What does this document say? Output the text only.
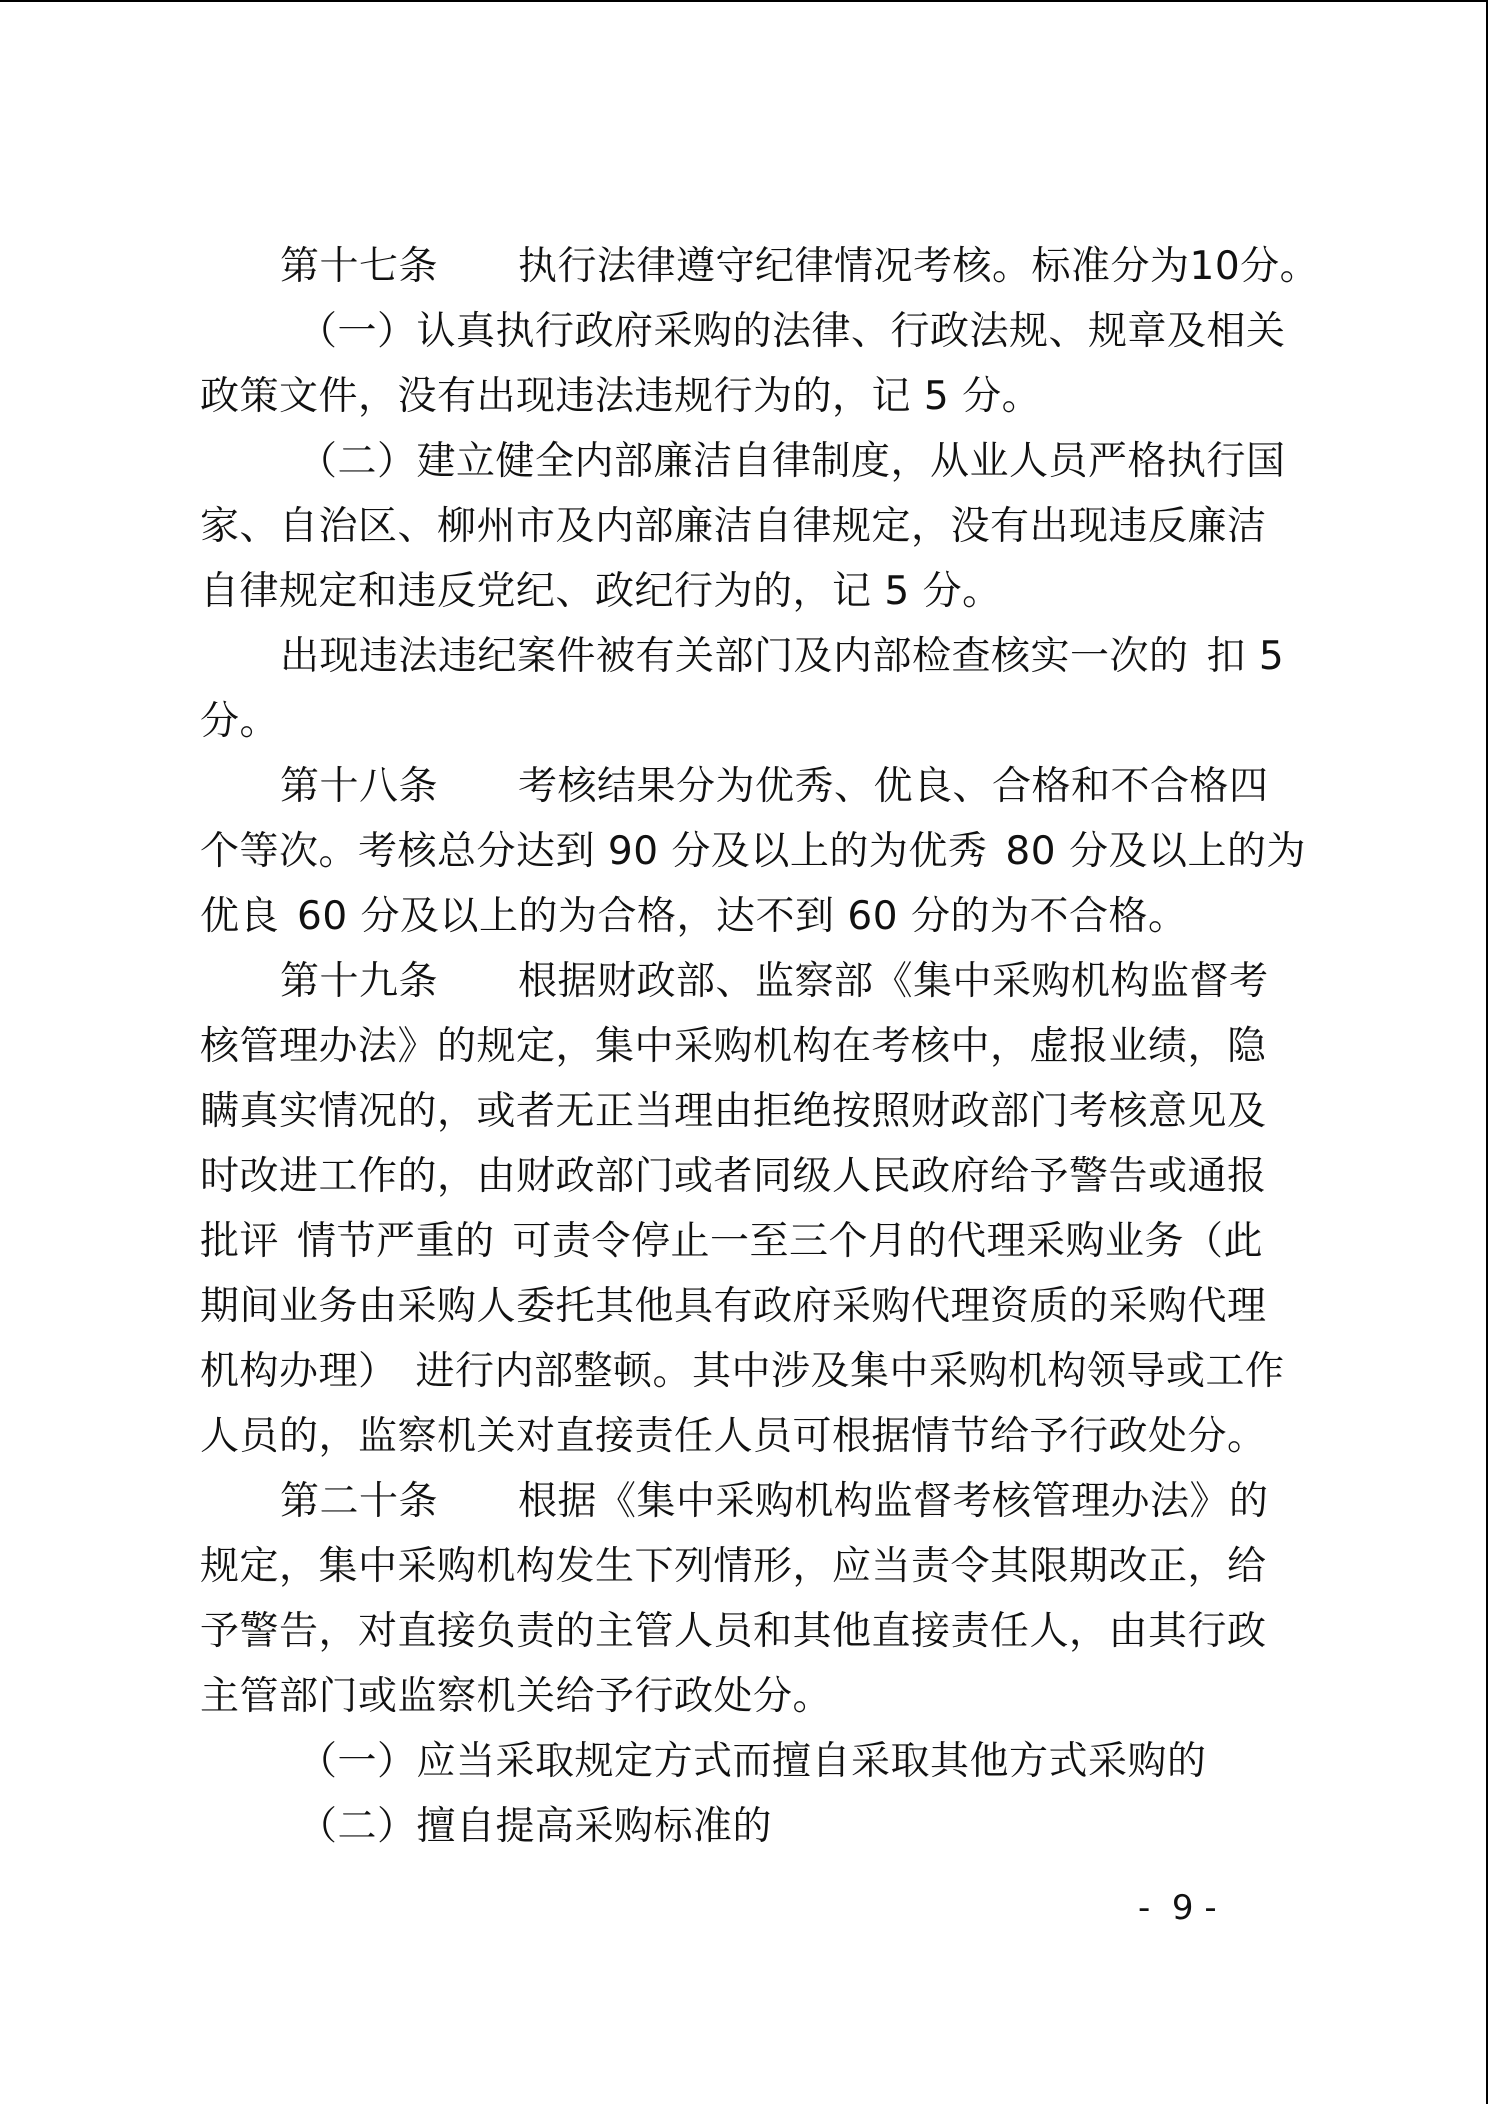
第十七条 执行法律遵守纪律情况考核。标准分为10分。
（一）认真执行政府采购的法律、行政法规、规章及相关
政策文件，没有出现违法违规行为的，记 5 分。
（二）建立健全内部廉洁自律制度，从业人员严格执行国
家、自治区、柳州市及内部廉洁自律规定，没有出现违反廉洁
自律规定和违反党纪、政纪行为的，记 5 分。
出现违法违纪案件被有关部门及内部检查核实一次的 扣 5
分。
第十八条 考核结果分为优秀、优良、合格和不合格四
个等次。考核总分达到 90 分及以上的为优秀 80 分及以上的为
优良 60 分及以上的为合格，达不到 60 分的为不合格。
第十九条 根据财政部、监察部《集中采购机构监督考
核管理办法》的规定，集中采购机构在考核中，虚报业绩，隐
瞒真实情况的，或者无正当理由拒绝按照财政部门考核意见及
时改进工作的，由财政部门或者同级人民政府给予警告或通报
批评 情节严重的 可责令停止一至三个月的代理采购业务（此
期间业务由采购人委托其他具有政府采购代理资质的采购代理
机构办理） 进行内部整顿。其中涉及集中采购机构领导或工作
人员的，监察机关对直接责任人员可根据情节给予行政处分。
第二十条 根据《集中采购机构监督考核管理办法》的
规定，集中采购机构发生下列情形，应当责令其限期改正，给
予警告，对直接负责的主管人员和其他直接责任人，由其行政
主管部门或监察机关给予行政处分。
（一）应当采取规定方式而擅自采取其他方式采购的
（二）擅自提高采购标准的
-  9 -
